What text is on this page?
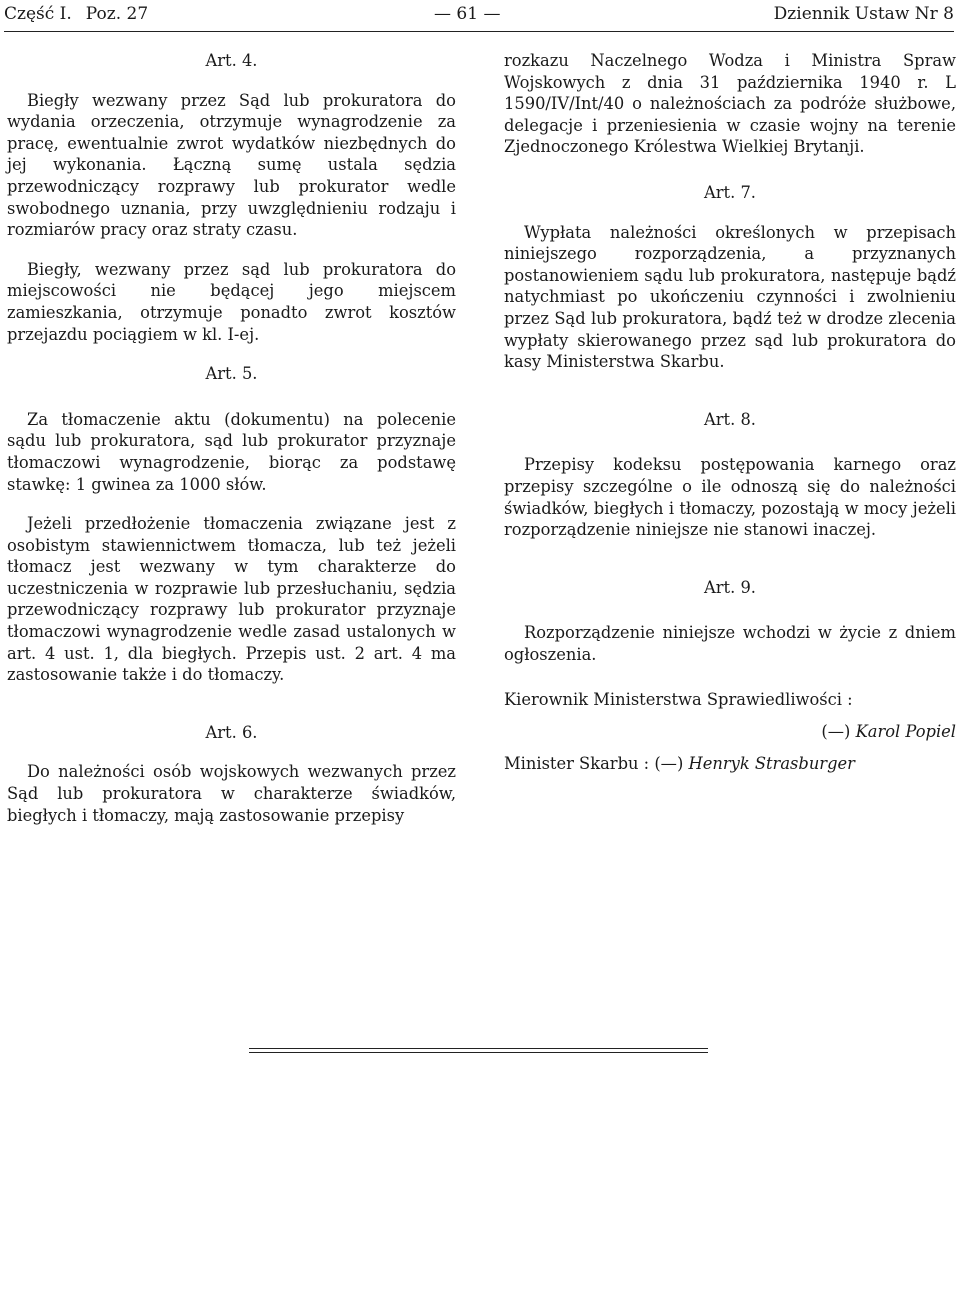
Część I. Poz. 27	— 61 —	Dziennik Ustaw Nr 8

Art. 4.

Biegły wezwany przez Sąd lub prokuratora do wydania orzeczenia, otrzymuje wynagrodzenie za pracę, ewentualnie zwrot wydatków niezbędnych do jej wykonania. Łączną sumę ustala sędzia przewodniczący rozprawy lub prokurator wedle swobodnego uznania, przy uwzględnieniu rodzaju i rozmiarów pracy oraz straty czasu.

Biegły, wezwany przez sąd lub prokuratora do miejscowości nie będącej jego miejscem zamieszkania, otrzymuje ponadto zwrot kosztów przejazdu pociągiem w kl. I-ej.

Art. 5.

Za tłomaczenie aktu (dokumentu) na polecenie sądu lub prokuratora, sąd lub prokurator przyznaje tłomaczowi wynagrodzenie, biorąc za podstawę stawkę: 1 gwinea za 1000 słów.

Jeżeli przedłożenie tłomaczenia związane jest z osobistym stawiennictwem tłomacza, lub też jeżeli tłomacz jest wezwany w tym charakterze do uczestniczenia w rozprawie lub przesłuchaniu, sędzia przewodniczący rozprawy lub prokurator przyznaje tłomaczowi wynagrodzenie wedle zasad ustalonych w art. 4 ust. 1, dla biegłych. Przepis ust. 2 art. 4 ma zastosowanie także i do tłomaczy.

Art. 6.

Do należności osób wojskowych wezwanych przez Sąd lub prokuratora w charakterze świadków, biegłych i tłomaczy, mają zastosowanie przepisy

rozkazu Naczelnego Wodza i Ministra Spraw Wojskowych z dnia 31 października 1940 r. L 1590/IV/Int/40 o należnościach za podróże służbowe, delegacje i przeniesienia w czasie wojny na terenie Zjednoczonego Królestwa Wielkiej Brytanji.

Art. 7.

Wypłata należności określonych w przepisach niniejszego rozporządzenia, a przyznanych postanowieniem sądu lub prokuratora, następuje bądź natychmiast po ukończeniu czynności i zwolnieniu przez Sąd lub prokuratora, bądź też w drodze zlecenia wypłaty skierowanego przez sąd lub prokuratora do kasy Ministerstwa Skarbu.

Art. 8.

Przepisy kodeksu postępowania karnego oraz przepisy szczególne o ile odnoszą się do należności świadków, biegłych i tłomaczy, pozostają w mocy jeżeli rozporządzenie niniejsze nie stanowi inaczej.

Art. 9.

Rozporządzenie niniejsze wchodzi w życie z dniem ogłoszenia.

Kierownik Ministerstwa Sprawiedliwości :

(—) Karol Popiel

Minister Skarbu : (—) Henryk Strasburger
